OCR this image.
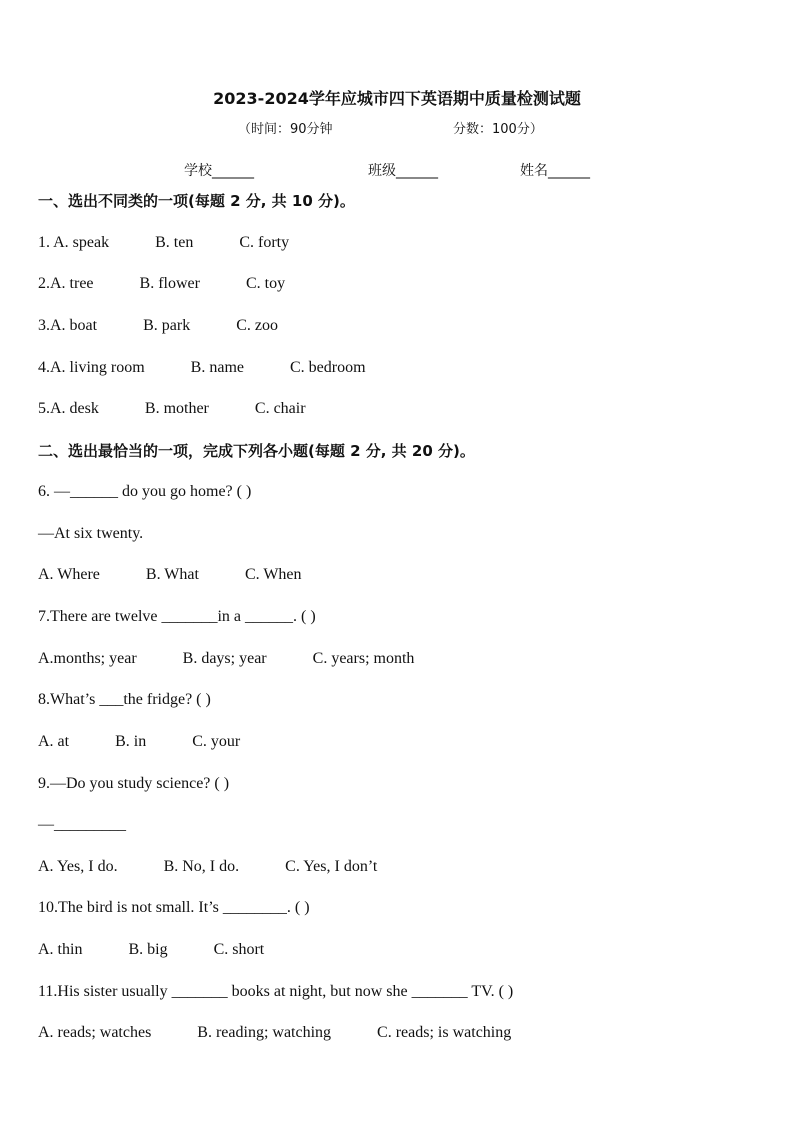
2023-2024学年应城市四下英语期中质量检测试题
（时间：90分钟	分数：100分）
学校______	班级______	姓名______
一、选出不同类的一项(每题 2 分, 共 10 分)。
1. A. speak	B. ten	C. forty
2.A. tree	B. flower	C. toy
3.A. boat	B. park	C. zoo
4.A. living room	B. name	C. bedroom
5.A. desk	B. mother	C. chair
二、选出最恰当的一项，完成下列各小题(每题 2 分, 共 20 分)。
6. —______ do you go home? ( )
—At six twenty.
A. Where	B. What	C. When
7.There are twelve _______in a ______. ( )
A.months; year	B. days; year	C. years; month
8.What’s ___the fridge? ( )
A. at	B. in	C. your
9.—Do you study science? ( )
—_________
A. Yes, I do.	B. No, I do.	C. Yes, I don’t
10.The bird is not small. It’s ________. ( )
A. thin	B. big	C. short
11.His sister usually _______ books at night, but now she _______ TV. ( )
A. reads; watches	B. reading; watching	C. reads; is watching
